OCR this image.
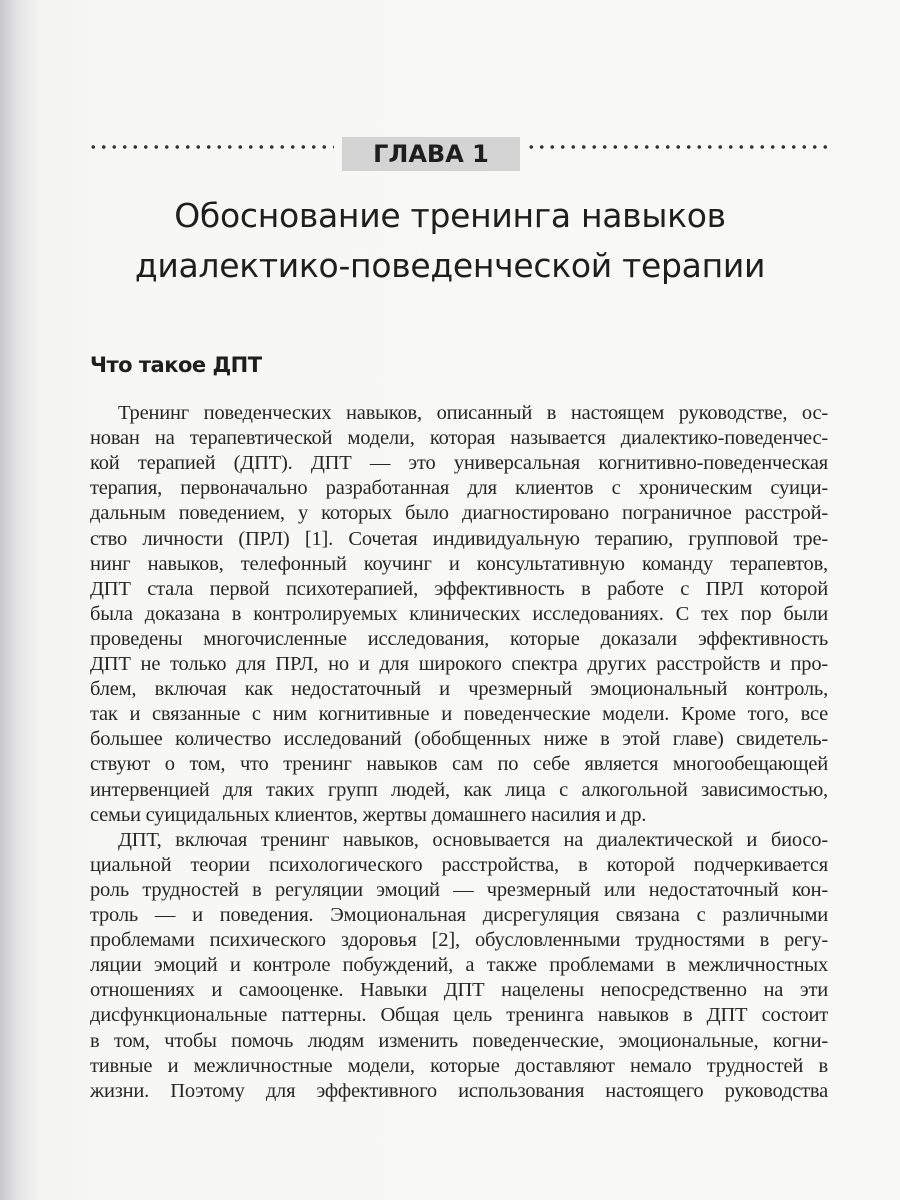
ГЛАВА 1
Обоснование тренинга навыков
диалектико-поведенческой терапии
Что такое ДПТ
Тренинг поведенческих навыков, описанный в настоящем руководстве, ос-
нован на терапевтической модели, которая называется диалектико-поведенчес-
кой терапией (ДПТ). ДПТ — это универсальная когнитивно-поведенческая
терапия, первоначально разработанная для клиентов с хроническим суици-
дальным поведением, у которых было диагностировано пограничное расстрой-
ство личности (ПРЛ) [1]. Сочетая индивидуальную терапию, групповой тре-
нинг навыков, телефонный коучинг и консультативную команду терапевтов,
ДПТ стала первой психотерапией, эффективность в работе с ПРЛ которой
была доказана в контролируемых клинических исследованиях. С тех пор были
проведены многочисленные исследования, которые доказали эффективность
ДПТ не только для ПРЛ, но и для широкого спектра других расстройств и про-
блем, включая как недостаточный и чрезмерный эмоциональный контроль,
так и связанные с ним когнитивные и поведенческие модели. Кроме того, все
большее количество исследований (обобщенных ниже в этой главе) свидетель-
ствуют о том, что тренинг навыков сам по себе является многообещающей
интервенцией для таких групп людей, как лица с алкогольной зависимостью,
семьи суицидальных клиентов, жертвы домашнего насилия и др.
ДПТ, включая тренинг навыков, основывается на диалектической и биосо-
циальной теории психологического расстройства, в которой подчеркивается
роль трудностей в регуляции эмоций — чрезмерный или недостаточный кон-
троль — и поведения. Эмоциональная дисрегуляция связана с различными
проблемами психического здоровья [2], обусловленными трудностями в регу-
ляции эмоций и контроле побуждений, а также проблемами в межличностных
отношениях и самооценке. Навыки ДПТ нацелены непосредственно на эти
дисфункциональные паттерны. Общая цель тренинга навыков в ДПТ состоит
в том, чтобы помочь людям изменить поведенческие, эмоциональные, когни-
тивные и межличностные модели, которые доставляют немало трудностей в
жизни. Поэтому для эффективного использования настоящего руководства
